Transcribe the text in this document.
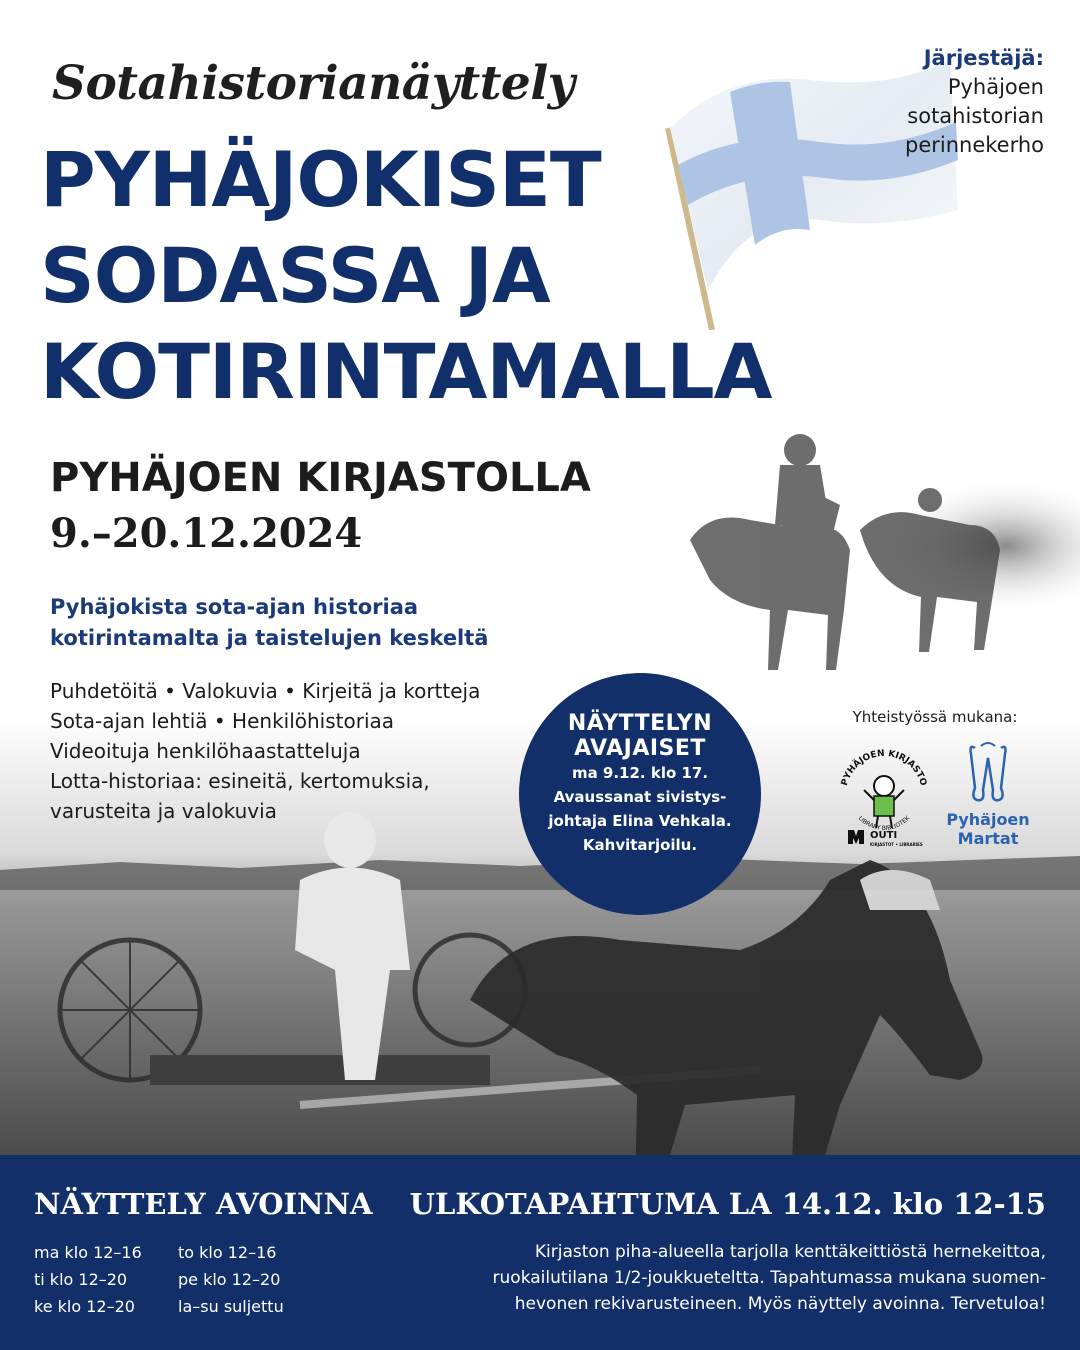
Järjestäjä:
Pyhäjoen
sotahistorian
perinnekerho
Sotahistorianäyttely
PYHÄJOKISET
SODASSA JA
KOTIRINTAMALLA
PYHÄJOEN KIRJASTOLLA
9.–20.12.2024
Pyhäjokista sota-ajan historiaa
kotirintamalta ja taistelujen keskeltä
Puhdetöitä • Valokuvia • Kirjeitä ja kortteja
Sota-ajan lehtiä • Henkilöhistoriaa
Videoituja henkilöhaastatteluja
Lotta-historiaa: esineitä, kertomuksia,
varusteita ja valokuvia
NÄYTTELYN
AVAJAISET
ma 9.12. klo 17.
Avaussanat sivistys-
johtaja Elina Vehkala.
Kahvitarjoilu.
Yhteistyössä mukana:
PYHÄJOEN KIRJASTO
LIBRARY BIBLIOTEK
OUTI
KIRJASTOT • LIBRARIES
Pyhäjoen
Martat
NÄYTTELY AVOINNA
ma klo 12–16
ti klo 12–20
ke klo 12–20
to klo 12–16
pe klo 12–20
la–su suljettu
ULKOTAPAHTUMA LA 14.12. klo 12-15
Kirjaston piha-alueella tarjolla kenttäkeittiöstä hernekeittoa,
ruokailutilana 1/2-joukkueteltta. Tapahtumassa mukana suomen-
hevonen rekivarusteineen. Myös näyttely avoinna. Tervetuloa!
